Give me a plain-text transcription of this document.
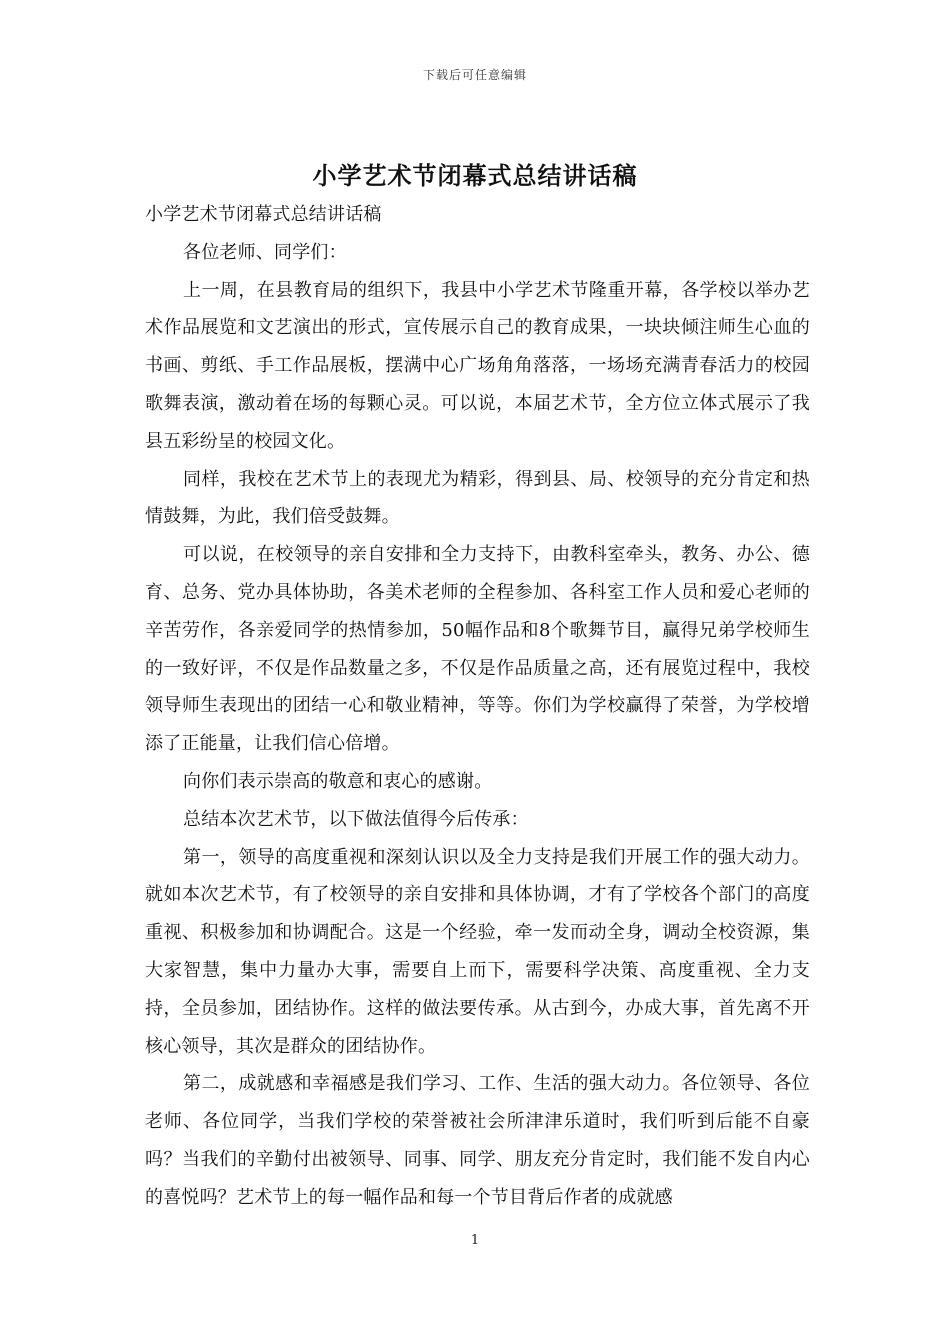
下载后可任意编辑
小学艺术节闭幕式总结讲话稿

小学艺术节闭幕式总结讲话稿

各位老师、同学们：

上一周，在县教育局的组织下，我县中小学艺术节隆重开幕，各学校以举办艺术作品展览和文艺演出的形式，宣传展示自己的教育成果，一块块倾注师生心血的书画、剪纸、手工作品展板，摆满中心广场角角落落，一场场充满青春活力的校园歌舞表演，激动着在场的每颗心灵。可以说，本届艺术节，全方位立体式展示了我县五彩纷呈的校园文化。

同样，我校在艺术节上的表现尤为精彩，得到县、局、校领导的充分肯定和热情鼓舞，为此，我们倍受鼓舞。

可以说，在校领导的亲自安排和全力支持下，由教科室牵头，教务、办公、德育、总务、党办具体协助，各美术老师的全程参加、各科室工作人员和爱心老师的辛苦劳作，各亲爱同学的热情参加，50幅作品和8个歌舞节目，赢得兄弟学校师生的一致好评，不仅是作品数量之多，不仅是作品质量之高，还有展览过程中，我校领导师生表现出的团结一心和敬业精神，等等。你们为学校赢得了荣誉，为学校增添了正能量，让我们信心倍增。

向你们表示崇高的敬意和衷心的感谢。

总结本次艺术节，以下做法值得今后传承：

第一，领导的高度重视和深刻认识以及全力支持是我们开展工作的强大动力。就如本次艺术节，有了校领导的亲自安排和具体协调，才有了学校各个部门的高度重视、积极参加和协调配合。这是一个经验，牵一发而动全身，调动全校资源，集大家智慧，集中力量办大事，需要自上而下，需要科学决策、高度重视、全力支持，全员参加，团结协作。这样的做法要传承。从古到今，办成大事，首先离不开核心领导，其次是群众的团结协作。

第二，成就感和幸福感是我们学习、工作、生活的强大动力。各位领导、各位老师、各位同学，当我们学校的荣誉被社会所津津乐道时，我们听到后能不自豪吗？当我们的辛勤付出被领导、同事、同学、朋友充分肯定时，我们能不发自内心的喜悦吗？艺术节上的每一幅作品和每一个节目背后作者的成就感

1
